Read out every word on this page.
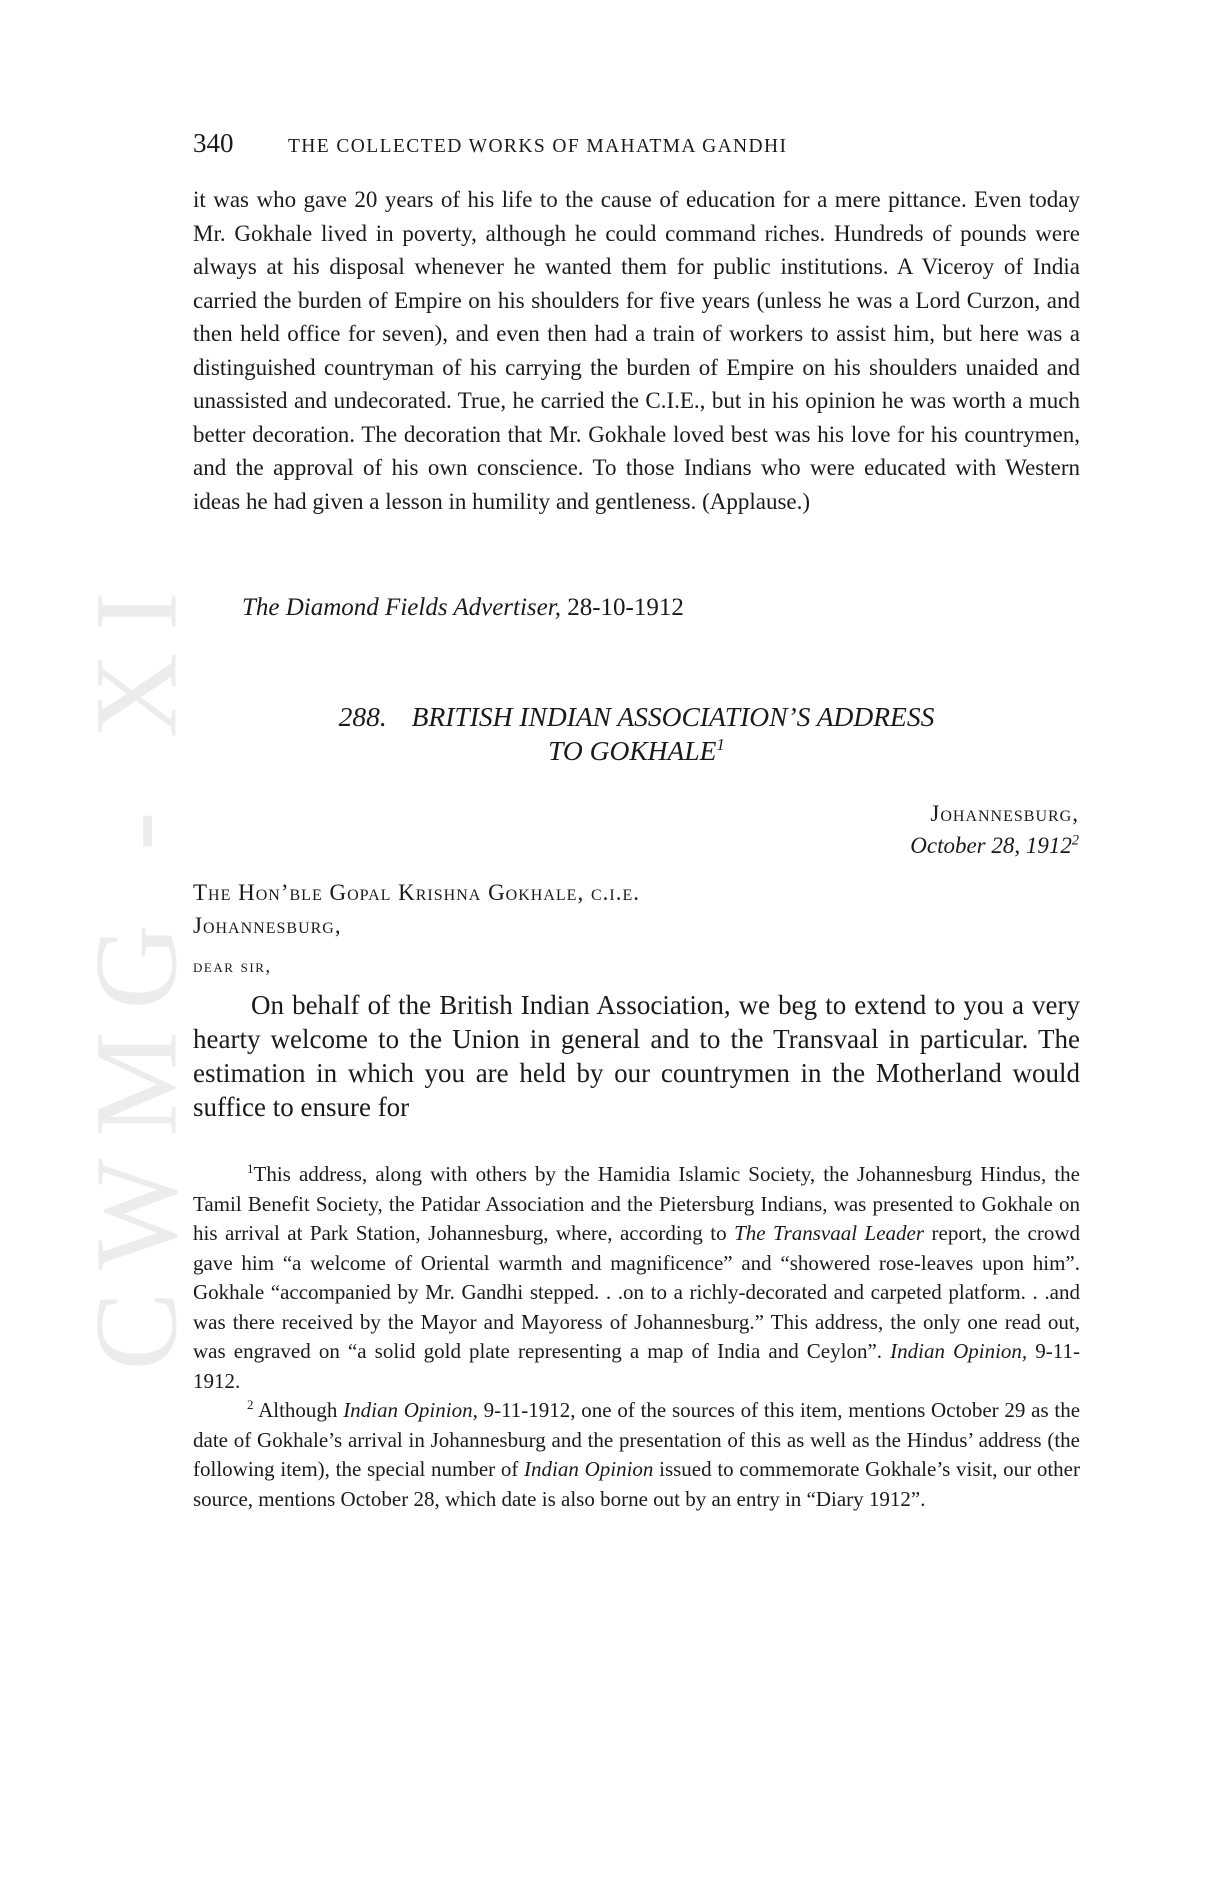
CWMG - XI
340	THE COLLECTED WORKS OF MAHATMA GANDHI

it was who gave 20 years of his life to the cause of education for a mere pittance. Even today Mr. Gokhale lived in poverty, although he could command riches. Hundreds of pounds were always at his disposal whenever he wanted them for public institutions. A Viceroy of India carried the burden of Empire on his shoulders for five years (unless he was a Lord Curzon, and then held office for seven), and even then had a train of workers to assist him, but here was a distinguished countryman of his carrying the burden of Empire on his shoulders unaided and unassisted and undecorated. True, he carried the C.I.E., but in his opinion he was worth a much better decoration. The decoration that Mr. Gokhale loved best was his love for his countrymen, and the approval of his own conscience. To those Indians who were educated with Western ideas he had given a lesson in humility and gentleness. (Applause.)

The Diamond Fields Advertiser, 28-10-1912
288. BRITISH INDIAN ASSOCIATION’S ADDRESS
TO GOKHALE$^1$
Johannesburg,
October 28, 1912$^2$
The Hon’ble Gopal Krishna Gokhale, c.i.e.
Johannesburg,
dear sir,

On behalf of the British Indian Association, we beg to extend to you a very hearty welcome to the Union in general and to the Transvaal in particular. The estimation in which you are held by our countrymen in the Motherland would suffice to ensure for

$^1$This address, along with others by the Hamidia Islamic Society, the Johannesburg Hindus, the Tamil Benefit Society, the Patidar Association and the Pietersburg Indians, was presented to Gokhale on his arrival at Park Station, Johannesburg, where, according to The Transvaal Leader report, the crowd gave him “a welcome of Oriental warmth and magnificence” and “showered rose-leaves upon him”. Gokhale “accompanied by Mr. Gandhi stepped. . .on to a richly-decorated and carpeted platform. . .and was there received by the Mayor and Mayoress of Johannesburg.” This address, the only one read out, was engraved on “a solid gold plate representing a map of India and Ceylon”. Indian Opinion, 9-11-1912.

$^2$ Although Indian Opinion, 9-11-1912, one of the sources of this item, mentions October 29 as the date of Gokhale’s arrival in Johannesburg and the presentation of this as well as the Hindus’ address (the following item), the special number of Indian Opinion issued to commemorate Gokhale’s visit, our other source, mentions October 28, which date is also borne out by an entry in “Diary 1912”.
